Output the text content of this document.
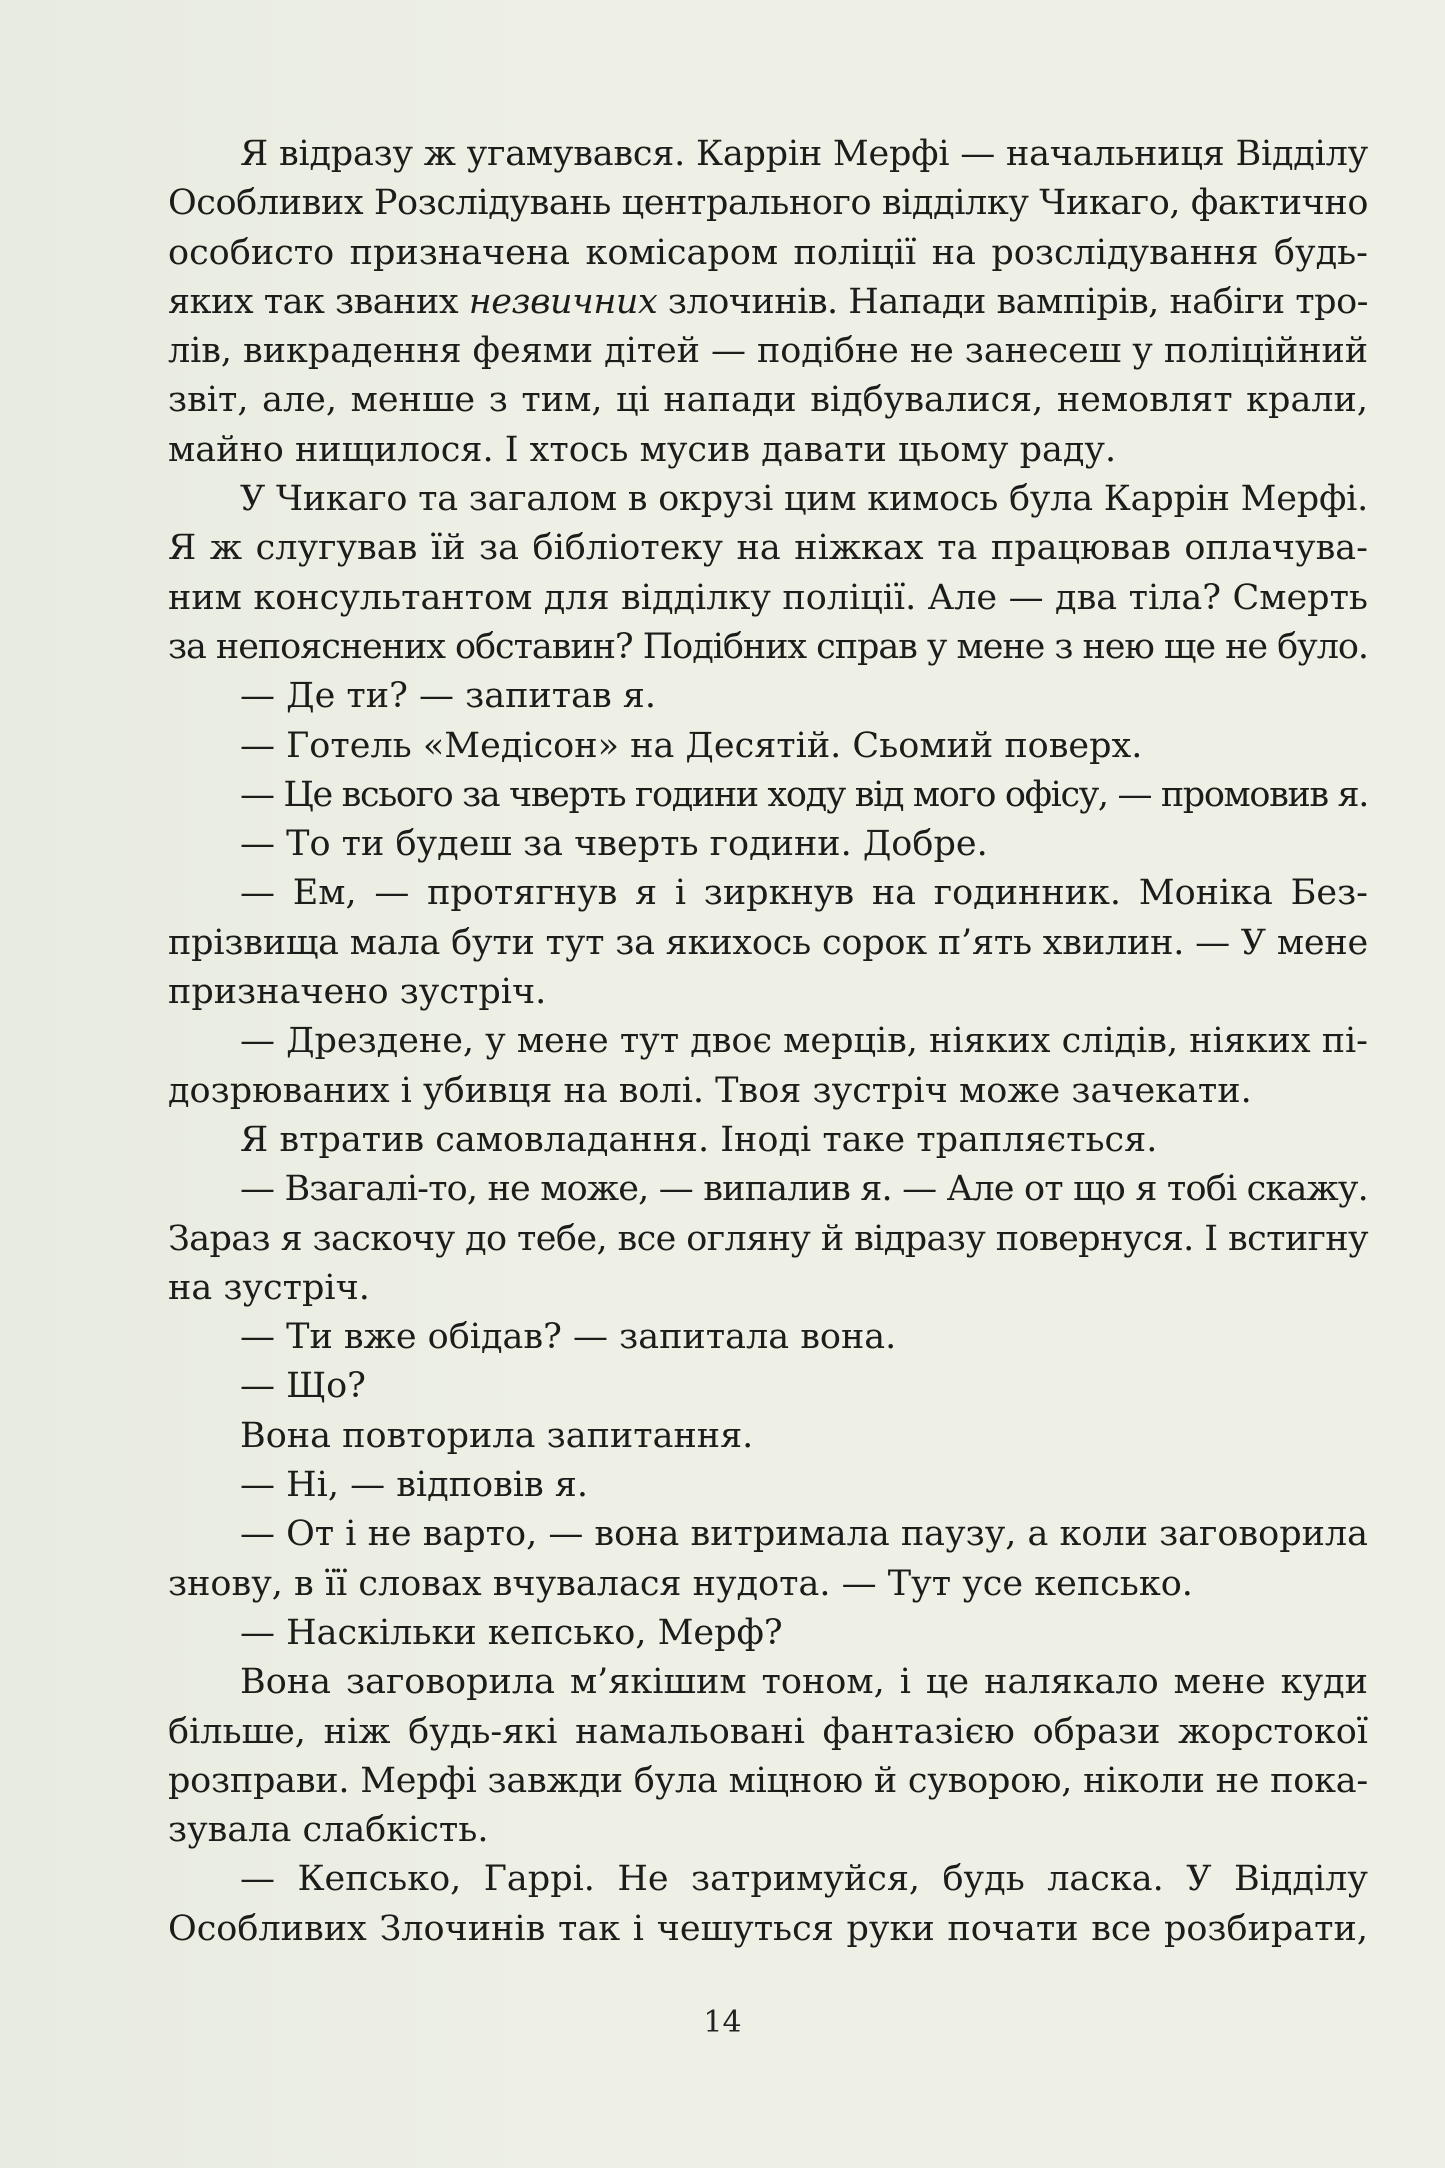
Я відразу ж угамувався. Каррін Мерфі — начальниця Відділу
Особливих Розслідувань центрального відділку Чикаго, фактично
особисто призначена комісаром поліції на розслідування будь-
яких так званих незвичних злочинів. Напади вампірів, набіги тро-
лів, викрадення феями дітей — подібне не занесеш у поліційний
звіт, але, менше з тим, ці напади відбувалися, немовлят крали,
майно нищилося. І хтось мусив давати цьому раду.
У Чикаго та загалом в окрузі цим кимось була Каррін Мерфі.
Я ж слугував їй за бібліотеку на ніжках та працював оплачува-
ним консультантом для відділку поліції. Але — два тіла? Смерть
за непояснених обставин? Подібних справ у мене з нею ще не було.
— Де ти? — запитав я.
— Готель «Медісон» на Десятій. Сьомий поверх.
— Це всього за чверть години ходу від мого офісу, — промовив я.
— То ти будеш за чверть години. Добре.
— Ем, — протягнув я і зиркнув на годинник. Моніка Без-
прізвища мала бути тут за якихось сорок п’ять хвилин. — У мене
призначено зустріч.
— Дрездене, у мене тут двоє мерців, ніяких слідів, ніяких пі-
дозрюваних і убивця на волі. Твоя зустріч може зачекати.
Я втратив самовладання. Іноді таке трапляється.
— Взагалі-то, не може, — випалив я. — Але от що я тобі скажу.
Зараз я заскочу до тебе, все огляну й відразу повернуся. І встигну
на зустріч.
— Ти вже обідав? — запитала вона.
— Що?
Вона повторила запитання.
— Ні, — відповів я.
— От і не варто, — вона витримала паузу, а коли заговорила
знову, в її словах вчувалася нудота. — Тут усе кепсько.
— Наскільки кепсько, Мерф?
Вона заговорила м’якішим тоном, і це налякало мене куди
більше, ніж будь-які намальовані фантазією образи жорстокої
розправи. Мерфі завжди була міцною й суворою, ніколи не пока-
зувала слабкість.
— Кепсько, Гаррі. Не затримуйся, будь ласка. У Відділу
Особливих Злочинів так і чешуться руки почати все розбирати,
14
